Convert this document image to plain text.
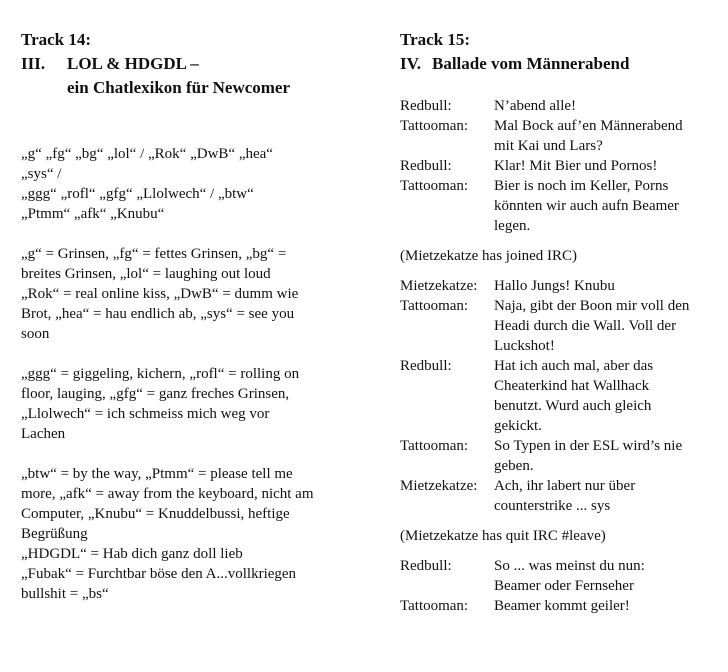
Track 14:

III. LOL & HDGDL –

ein Chatlexikon für Newcomer

„g“ „fg“ „bg“ „lol“ / „Rok“ „DwB“ „hea“
„sys“ /
„ggg“ „rofl“ „gfg“ „Llolwech“ / „btw“
„Ptmm“ „afk“ „Knubu“
„g“ = Grinsen, „fg“ = fettes Grinsen, „bg“ =
breites Grinsen, „lol“ = laughing out loud
„Rok“ = real online kiss, „DwB“ = dumm wie
Brot, „hea“ = hau endlich ab, „sys“ = see you
soon
„ggg“ = giggeling, kichern, „rofl“ = rolling on
floor, lauging, „gfg“ = ganz freches Grinsen,
„Llolwech“ = ich schmeiss mich weg vor
Lachen
„btw“ = by the way, „Ptmm“ = please tell me
more, „afk“ = away from the keyboard, nicht am
Computer, „Knubu“ = Knuddelbussi, heftige
Begrüßung
„HDGDL“ = Hab dich ganz doll lieb
„Fubak“ = Furchtbar böse den A...vollkriegen
bullshit = „bs“

Track 15:

IV. Ballade vom Männerabend

Redbull:	N’abend alle!
Tattooman:	Mal Bock auf’en Männerabend
mit Kai und Lars?
Redbull:	Klar! Mit Bier und Pornos!
Tattooman:	Bier is noch im Keller, Porns
könnten wir auch aufn Beamer
legen.

(Mietzekatze has joined IRC)

Mietzekatze:	Hallo Jungs! Knubu
Tattooman:	Naja, gibt der Boon mir voll den
Headi durch die Wall. Voll der
Luckshot!
Redbull:	Hat ich auch mal, aber das
Cheaterkind hat Wallhack
benutzt. Wurd auch gleich
gekickt.
Tattooman:	So Typen in der ESL wird’s nie
geben.
Mietzekatze:	Ach, ihr labert nur über
counterstrike ... sys

(Mietzekatze has quit IRC #leave)

Redbull:	So ... was meinst du nun:
Beamer oder Fernseher
Tattooman:	Beamer kommt geiler!
